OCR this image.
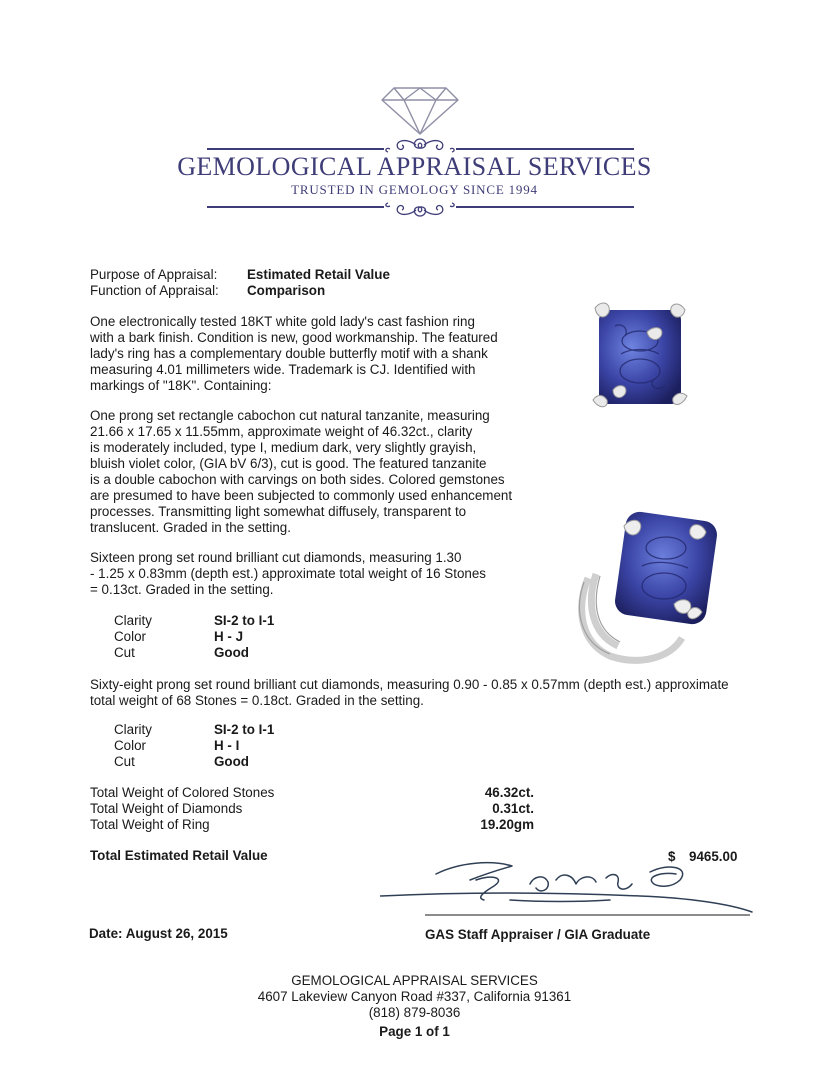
GEMOLOGICAL APPRAISAL SERVICES
TRUSTED IN GEMOLOGY SINCE 1994
Purpose of Appraisal: Estimated Retail Value
Function of Appraisal: Comparison
One electronically tested 18KT white gold lady's cast fashion ring
with a bark finish. Condition is new, good workmanship. The featured
lady's ring has a complementary double butterfly motif with a shank
measuring 4.01 millimeters wide. Trademark is CJ. Identified with
markings of "18K". Containing:
One prong set rectangle cabochon cut natural tanzanite, measuring
21.66 x 17.65 x 11.55mm, approximate weight of 46.32ct., clarity
is moderately included, type I, medium dark, very slightly grayish,
bluish violet color, (GIA bV 6/3), cut is good. The featured tanzanite
is a double cabochon with carvings on both sides. Colored gemstones
are presumed to have been subjected to commonly used enhancement
processes. Transmitting light somewhat diffusely, transparent to
translucent. Graded in the setting.
Sixteen prong set round brilliant cut diamonds, measuring 1.30
- 1.25 x 0.83mm (depth est.) approximate total weight of 16 Stones
= 0.13ct. Graded in the setting.
Clarity	SI-2 to I-1
Color	H - J
Cut	Good
Sixty-eight prong set round brilliant cut diamonds, measuring 0.90 - 0.85 x 0.57mm (depth est.) approximate
total weight of 68 Stones = 0.18ct. Graded in the setting.
Clarity	SI-2 to I-1
Color	H - I
Cut	Good
Total Weight of Colored Stones	46.32ct.
Total Weight of Diamonds	0.31ct.
Total Weight of Ring	19.20gm
Total Estimated Retail Value	$ 9465.00
Date: August 26, 2015	GAS Staff Appraiser / GIA Graduate
GEMOLOGICAL APPRAISAL SERVICES
4607 Lakeview Canyon Road #337, California 91361
(818) 879-8036
Page 1 of 1
